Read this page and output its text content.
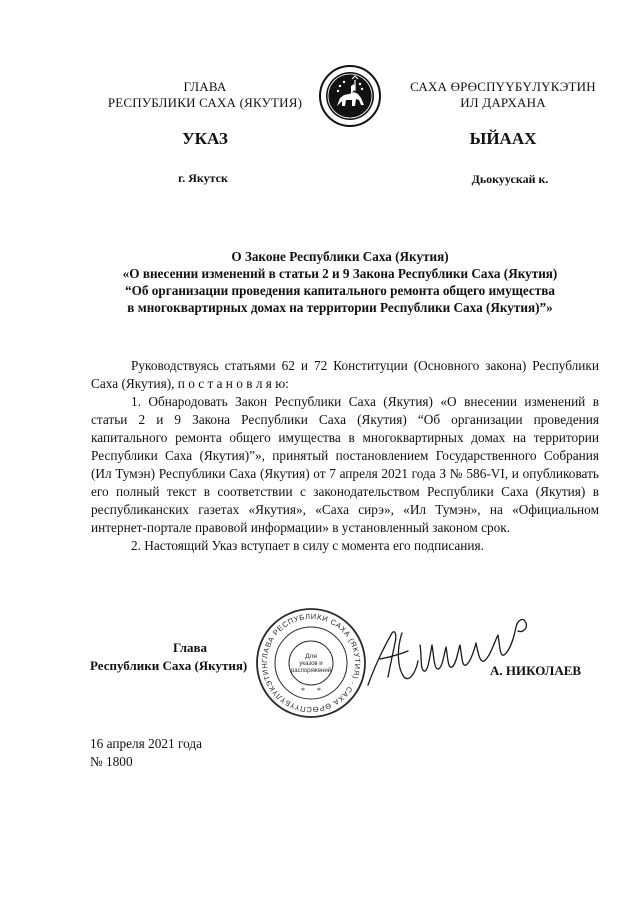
ГЛАВА
РЕСПУБЛИКИ САХА (ЯКУТИЯ)
САХА ӨРӨСПҮҮБҮЛҮКЭТИН
ИЛ ДАРХАНА
УКАЗ	ЫЙААХ
г. Якутск	Дьокуускай к.
О Законе Республики Саха (Якутия)
«О внесении изменений в статьи 2 и 9 Закона Республики Саха (Якутия)
“Об организации проведения капитального ремонта общего имущества
в многоквартирных домах на территории Республики Саха (Якутия)”»
Руководствуясь статьями 62 и 72 Конституции (Основного закона) Республики Саха (Якутия), п о с т а н о в л я ю:
1. Обнародовать Закон Республики Саха (Якутия) «О внесении изменений в статьи 2 и 9 Закона Республики Саха (Якутия) “Об организации проведения капитального ремонта общего имущества в многоквартирных домах на территории Республики Саха (Якутия)”», принятый постановлением Государственного Собрания (Ил Тумэн) Республики Саха (Якутия) от 7 апреля 2021 года З № 586-VI, и опубликовать его полный текст в соответствии с законодательством Республики Саха (Якутия) в республиканских газетах «Якутия», «Саха сирэ», «Ил Тумэн», на «Официальном интернет-портале правовой информации» в установленный законом срок.
2. Настоящий Указ вступает в силу с момента его подписания.
Глава
Республики Саха (Якутия)	ГЛАВА РЕСПУБЛИКИ САХА (ЯКУТИЯ) · САХА ӨРӨСПҮҮБҮЛҮКЭТИН
Для
указов и
распоряжений
* *
А. НИКОЛАЕВ
16 апреля 2021 года
№ 1800
